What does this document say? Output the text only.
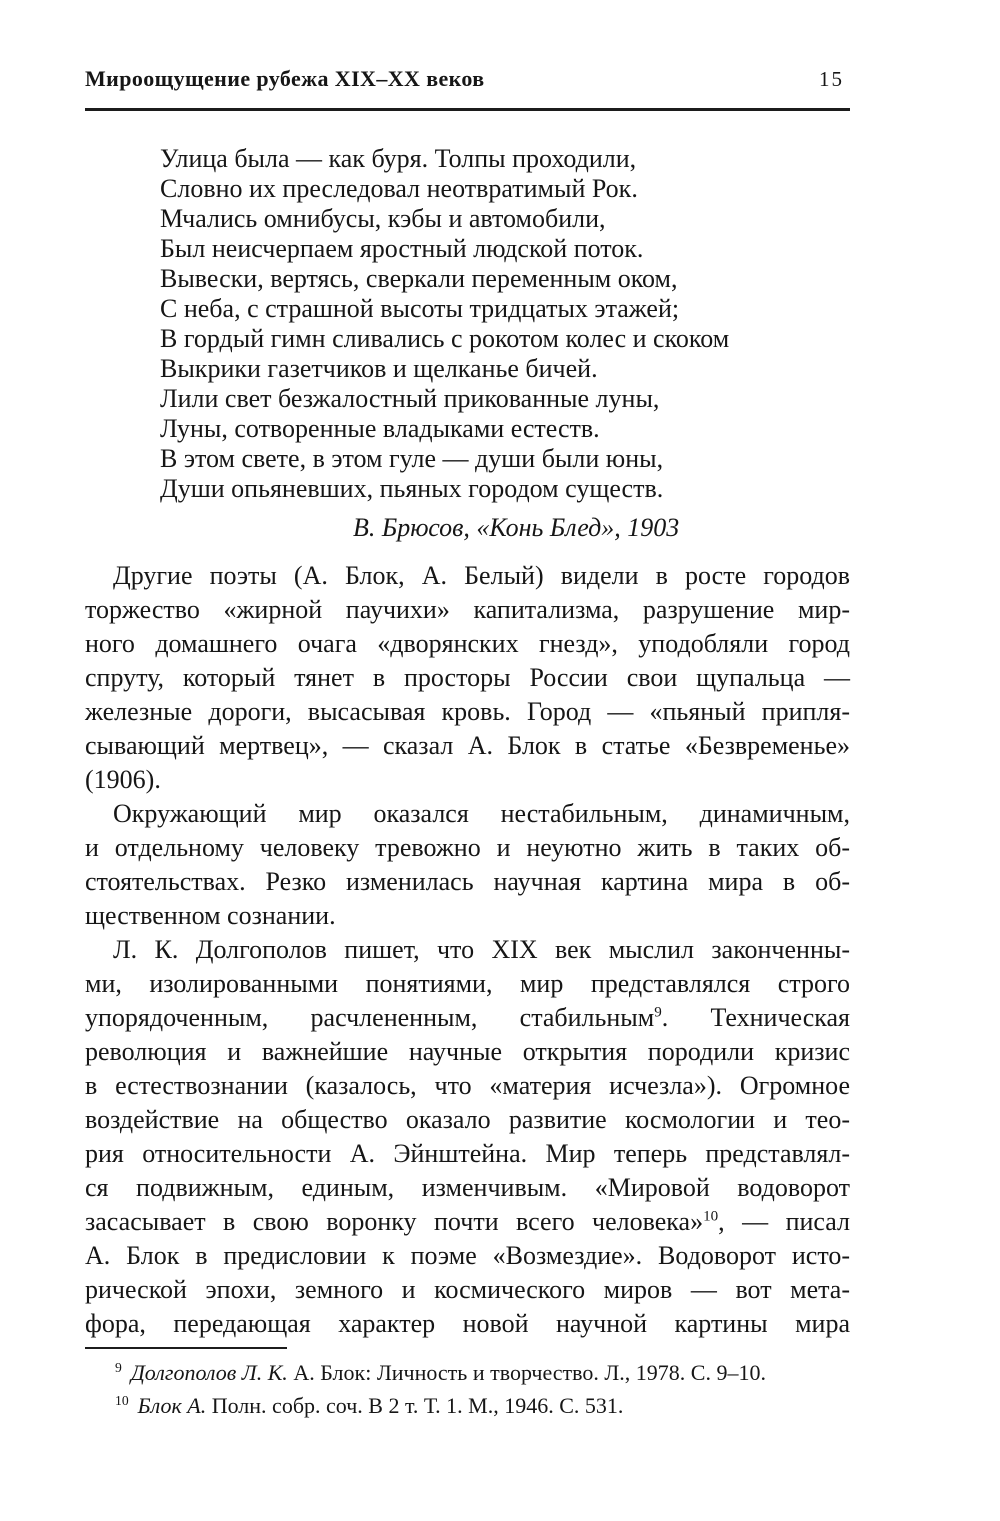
Мироощущение рубежа XIX–XX веков	15
Улица была — как буря. Толпы проходили,
Словно их преследовал неотвратимый Рок.
Мчались омнибусы, кэбы и автомобили,
Был неисчерпаем яростный людской поток.
Вывески, вертясь, сверкали переменным оком,
С неба, с страшной высоты тридцатых этажей;
В гордый гимн сливались с рокотом колес и скоком
Выкрики газетчиков и щелканье бичей.
Лили свет безжалостный прикованные луны,
Луны, сотворенные владыками естеств.
В этом свете, в этом гуле — души были юны,
Души опьяневших, пьяных городом существ.
В. Брюсов, «Конь Блед», 1903
Другие поэты (А. Блок, А. Белый) видели в росте городов
торжество «жирной паучихи» капитализма, разрушение мир-
ного домашнего очага «дворянских гнезд», уподобляли город
спруту, который тянет в просторы России свои щупальца —
железные дороги, высасывая кровь. Город — «пьяный припля-
сывающий мертвец», — сказал А. Блок в статье «Безвременье»
(1906).
Окружающий мир оказался нестабильным, динамичным,
и отдельному человеку тревожно и неуютно жить в таких об-
стоятельствах. Резко изменилась научная картина мира в об-
щественном сознании.
Л. К. Долгополов пишет, что XIX век мыслил законченны-
ми, изолированными понятиями, мир представлялся строго
упорядоченным, расчлененным, стабильным$^9$. Техническая
революция и важнейшие научные открытия породили кризис
в естествознании (казалось, что «материя исчезла»). Огромное
воздействие на общество оказало развитие космологии и тео-
рия относительности А. Эйнштейна. Мир теперь представлял-
ся подвижным, единым, изменчивым. «Мировой водоворот
засасывает в свою воронку почти всего человека»$^{10}$, — писал
А. Блок в предисловии к поэме «Возмездие». Водоворот исто-
рической эпохи, земного и космического миров — вот мета-
фора, передающая характер новой научной картины мира
$^9$ Долгополов Л. К. А. Блок: Личность и творчество. Л., 1978. С. 9–10.
$^{10}$ Блок А. Полн. собр. соч. В 2 т. Т. 1. М., 1946. С. 531.
